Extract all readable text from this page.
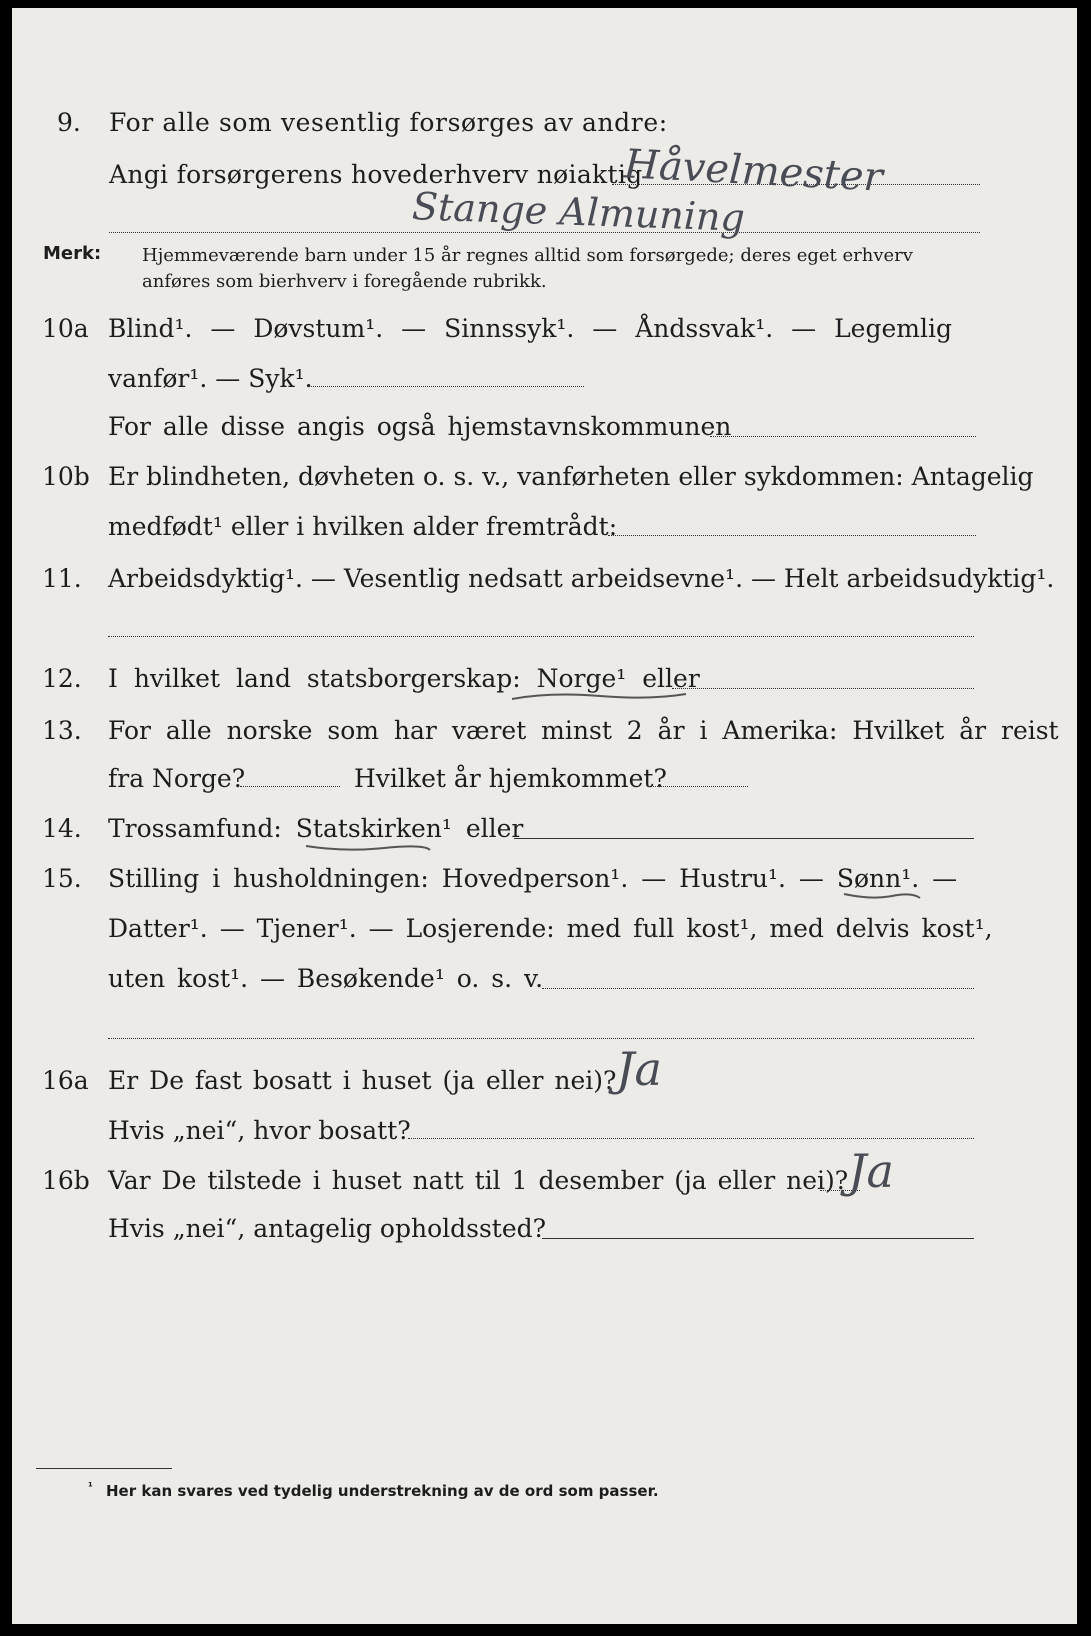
9. For alle som vesentlig forsørges av andre:
Angi forsørgerens hovederhverv nøiaktig
Håvelmester
Stange Almuning
Merk: Hjemmeværende barn under 15 år regnes alltid som forsørgede; deres eget erhverv
anføres som bierhverv i foregående rubrikk.
10a Blind¹. — Døvstum¹. — Sinnssyk¹. — Åndssvak¹. — Legemlig
vanfør¹. — Syk¹.
For alle disse angis også hjemstavnskommunen
10b Er blindheten, døvheten o. s. v., vanførheten eller sykdommen: Antagelig
medfødt¹ eller i hvilken alder fremtrådt:
11. Arbeidsdyktig¹. — Vesentlig nedsatt arbeidsevne¹. — Helt arbeidsudyktig¹.
12. I hvilket land statsborgerskap: Norge¹ eller
13. For alle norske som har været minst 2 år i Amerika: Hvilket år reist
fra Norge?	Hvilket år hjemkommet?
14. Trossamfund: Statskirken¹ eller
15. Stilling i husholdningen: Hovedperson¹. — Hustru¹. — Sønn¹. —
Datter¹. — Tjener¹. — Losjerende: med full kost¹, med delvis kost¹,
uten kost¹. — Besøkende¹ o. s. v.
16a Er De fast bosatt i huset (ja eller nei)? Ja
Hvis „nei“, hvor bosatt?
16b Var De tilstede i huset natt til 1 desember (ja eller nei)? Ja
Hvis „nei“, antagelig opholdssted?
¹ Her kan svares ved tydelig understrekning av de ord som passer.
